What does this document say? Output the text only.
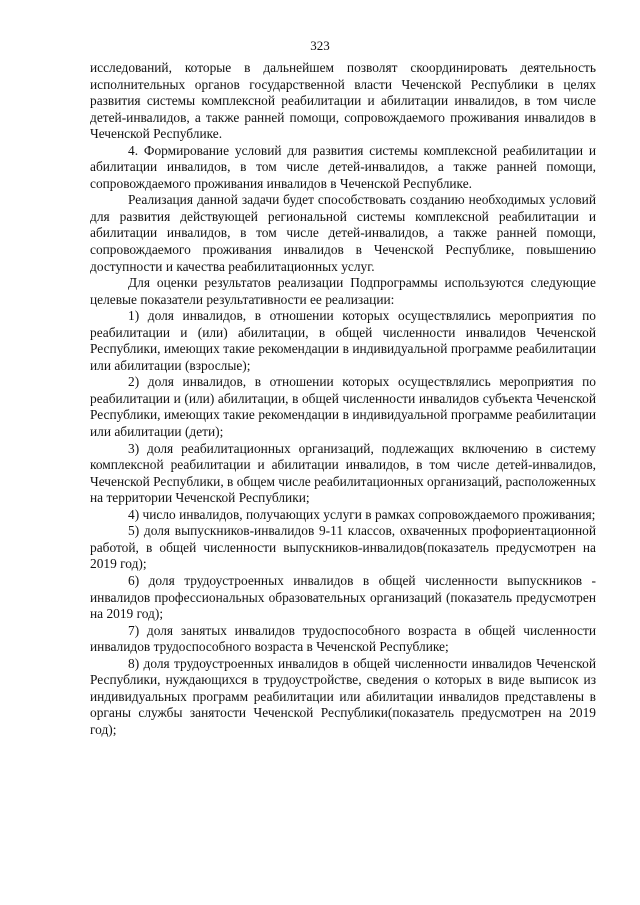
323

исследований, которые в дальнейшем позволят скоординировать деятельность исполнительных органов государственной власти Чеченской Республики в целях развития системы комплексной реабилитации и абилитации инвалидов, в том числе детей-инвалидов, а также ранней помощи, сопровождаемого проживания инвалидов в Чеченской Республике.

4. Формирование условий для развития системы комплексной реабилитации и абилитации инвалидов, в том числе детей-инвалидов, а также ранней помощи, сопровождаемого проживания инвалидов в Чеченской Республике.

Реализация данной задачи будет способствовать созданию необходимых условий для развития действующей региональной системы комплексной реабилитации и абилитации инвалидов, в том числе детей-инвалидов, а также ранней помощи, сопровождаемого проживания инвалидов в Чеченской Республике, повышению доступности и качества реабилитационных услуг.

Для оценки результатов реализации Подпрограммы используются следующие целевые показатели результативности ее реализации:

1) доля инвалидов, в отношении которых осуществлялись мероприятия по реабилитации и (или) абилитации, в общей численности инвалидов Чеченской Республики, имеющих такие рекомендации в индивидуальной программе реабилитации или абилитации (взрослые);

2) доля инвалидов, в отношении которых осуществлялись мероприятия по реабилитации и (или) абилитации, в общей численности инвалидов субъекта Чеченской Республики, имеющих такие рекомендации в индивидуальной программе реабилитации или абилитации (дети);

3) доля реабилитационных организаций, подлежащих включению в систему комплексной реабилитации и абилитации инвалидов, в том числе детей-инвалидов, Чеченской Республики, в общем числе реабилитационных организаций, расположенных на территории Чеченской Республики;

4) число инвалидов, получающих услуги в рамках сопровождаемого проживания;

5) доля выпускников-инвалидов 9-11 классов, охваченных профориентационной работой, в общей численности выпускников-инвалидов(показатель предусмотрен на 2019 год);

6) доля трудоустроенных инвалидов в общей численности выпускников - инвалидов профессиональных образовательных организаций (показатель предусмотрен на 2019 год);

7) доля занятых инвалидов трудоспособного возраста в общей численности инвалидов трудоспособного возраста в Чеченской Республике;

8) доля трудоустроенных инвалидов в общей численности инвалидов Чеченской Республики, нуждающихся в трудоустройстве, сведения о которых в виде выписок из индивидуальных программ реабилитации или абилитации инвалидов представлены в органы службы занятости Чеченской Республики(показатель предусмотрен на 2019 год);
